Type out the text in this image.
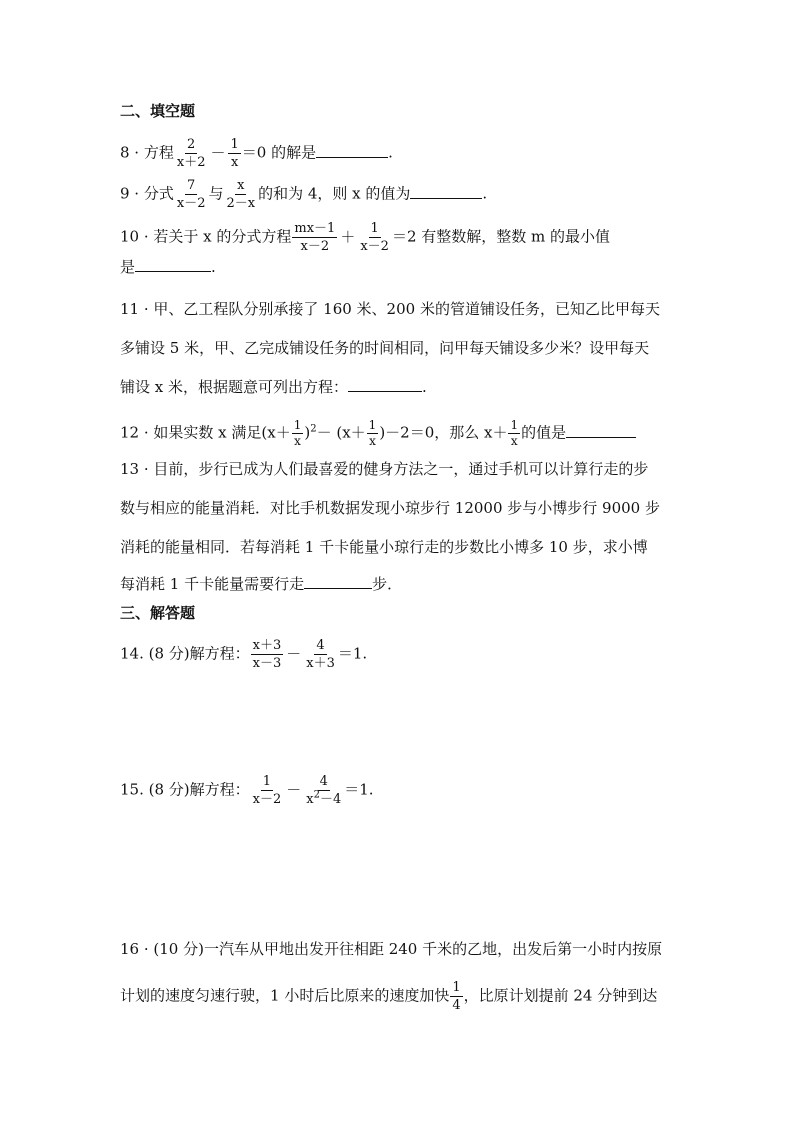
二、填空题
8 · 方程 $\frac{2}{x+2} - \frac{1}{x} =0$ 的解是	.
9 · 分式 $\frac{7}{x-2}$ 与 $\frac{x}{2-x}$ 的和为 4，则 x 的值为	.
10 · 若关于 x 的分式方程 $\frac{mx-1}{x-2} + \frac{1}{x-2} =2$ 有整数解，整数 m 的最小值
是	.
11 · 甲、乙工程队分别承接了 160 米、200 米的管道铺设任务，已知乙比甲每天
多铺设 5 米，甲、乙完成铺设任务的时间相同，问甲每天铺设多少米？设甲每天
铺设 x 米，根据题意可列出方程：	.
12 · 如果实数 x 满足$(x+ \frac{1}{x} )^2- (x+ \frac{1}{x} )-2=0$，那么 $x+ \frac{1}{x}$ 的值是
13 · 目前，步行已成为人们最喜爱的健身方法之一，通过手机可以计算行走的步
数与相应的能量消耗．对比手机数据发现小琼步行 12000 步与小博步行 9000 步
消耗的能量相同．若每消耗 1 千卡能量小琼行走的步数比小博多 10 步，求小博
每消耗 1 千卡能量需要行走	步．
三、解答题
14. (8 分)解方程： $\frac{x+3}{x-3} - \frac{4}{x+3} =1$.
15. (8 分)解方程： $\frac{1}{x-2} - \frac{4}{x^2-4} =1$.
16 · (10 分)一汽车从甲地出发开往相距 240 千米的乙地，出发后第一小时内按原
计划的速度匀速行驶，1 小时后比原来的速度加快 $\frac{1}{4}$ ，比原计划提前 24 分钟到达
